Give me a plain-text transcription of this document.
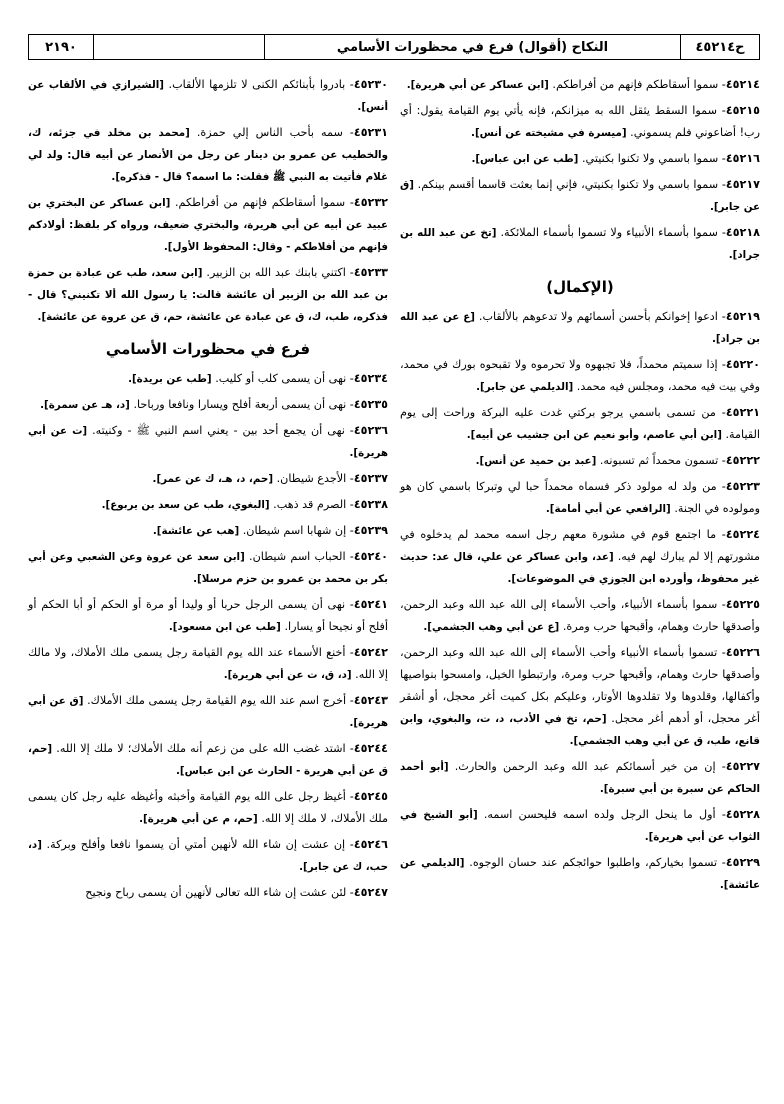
ح٤٥٢١٤
النكاح (أقوال) فرع في محظورات الأسامي
٢١٩٠
٤٥٢١٤- سموا أسقاطكم فإنهم من أفراطكم. [ابن عساكر عن أبي هريرة].
٤٥٢١٥- سموا السقط يثقل الله به ميزانكم، فإنه يأتي يوم القيامة يقول: أي رب! أضاعوني فلم يسموني. [ميسرة في مشيخته عن أنس].
٤٥٢١٦- سموا باسمي ولا تكنوا بكنيتي. [طب عن ابن عباس].
٤٥٢١٧- سموا باسمي ولا تكنوا بكنيتي، فإني إنما بعثت قاسما أقسم بينكم. [ق عن جابر].
٤٥٢١٨- سموا بأسماء الأنبياء ولا تسموا بأسماء الملائكة. [تخ عن عبد الله بن جراد].
(الإكمال)
٤٥٢١٩- ادعوا إخوانكم بأحسن أسمائهم ولا تدعوهم بالألقاب. [ع عن عبد الله بن جراد].
٤٥٢٢٠- إذا سميتم محمداً، فلا تجبهوه ولا تحرموه ولا تقبحوه بورك في محمد، وفي بيت فيه محمد، ومجلس فيه محمد. [الديلمي عن جابر].
٤٥٢٢١- من تسمى باسمي يرجو بركتي غدت عليه البركة وراحت إلى يوم القيامة. [ابن أبي عاصم، وأبو نعيم عن ابن جشيب عن أبيه].
٤٥٢٢٢- تسمون محمداً ثم تسبونه. [عبد بن حميد عن أنس].
٤٥٢٢٣- من ولد له مولود ذكر فسماه محمداً حبا لي وتبركا باسمي كان هو ومولوده في الجنة. [الرافعي عن أبي أمامة].
٤٥٢٢٤- ما اجتمع قوم في مشورة معهم رجل اسمه محمد لم يدخلوه في مشورتهم إلا لم يبارك لهم فيه. [عد، وابن عساكر عن علي، قال عد: حديث غير محفوظ، وأورده ابن الجوزي في الموضوعات].
٤٥٢٢٥- سموا بأسماء الأنبياء، وأحب الأسماء إلى الله عبد الله وعبد الرحمن، وأصدقها حارث وهمام، وأقبحها حرب ومرة. [ع عن أبي وهب الجشمي].
٤٥٢٢٦- تسموا بأسماء الأنبياء وأحب الأسماء إلى الله عبد الله وعبد الرحمن، وأصدقها حارث وهمام، وأقبحها حرب ومرة، وارتبطوا الخيل، وامسحوا بنواصيها وأكفالها، وقلدوها ولا تقلدوها الأوتار، وعليكم بكل كميت أغر محجل، أو أشقر أغر محجل، أو أدهم أغر محجل. [حم، تخ في الأدب، د، ت، والبغوي، وابن قانع، طب، ق عن أبي وهب الجشمي].
٤٥٢٢٧- إن من خير أسمائكم عبد الله وعبد الرحمن والحارث. [أبو أحمد الحاكم عن سبرة بن أبي سبرة].
٤٥٢٢٨- أول ما ينحل الرجل ولده اسمه فليحسن اسمه. [أبو الشيخ في الثواب عن أبي هريرة].
٤٥٢٢٩- تسموا بخياركم، واطلبوا حوائجكم عند حسان الوجوه. [الديلمي عن عائشة].
٤٥٢٣٠- بادروا بأبنائكم الكنى لا تلزمها الألقاب. [الشيرازي في الألقاب عن أنس].
٤٥٢٣١- سمه بأحب الناس إلي حمزة. [محمد بن مخلد في جزئه، ك، والخطيب عن عمرو بن دينار عن رجل من الأنصار عن أبيه قال: ولد لي غلام فأتيت به النبي ﷺ فقلت: ما اسمه؟ قال - فذكره].
٤٥٢٣٢- سموا أسقاطكم فإنهم من أفراطكم. [ابن عساكر عن البختري بن عبيد عن أبيه عن أبي هريرة، والبختري ضعيف، ورواه كر بلفظ: أولادكم فإنهم من أفلاطكم - وقال: المحفوظ الأول].
٤٥٢٣٣- اكتني بابنك عبد الله بن الزبير. [ابن سعد، طب عن عبادة بن حمزة بن عبد الله بن الزبير أن عائشة قالت: يا رسول الله ألا تكنيني؟ قال - فذكره، طب، ك، ق عن عبادة عن عائشة، حم، ق عن عروة عن عائشة].
فرع في محظورات الأسامي
٤٥٢٣٤- نهى أن يسمى كلب أو كليب. [طب عن بريدة].
٤٥٢٣٥- نهى أن يسمى أربعة أفلح ويسارا ونافعا ورباحا. [د، هـ عن سمرة].
٤٥٢٣٦- نهى أن يجمع أحد بين - يعني اسم النبي ﷺ - وكنيته. [ت عن أبي هريرة].
٤٥٢٣٧- الأجدع شيطان. [حم، د، هـ، ك عن عمر].
٤٥٢٣٨- الصرم قد ذهب. [البغوي، طب عن سعد بن يربوع].
٤٥٢٣٩- إن شهابا اسم شيطان. [هب عن عائشة].
٤٥٢٤٠- الحباب اسم شيطان. [ابن سعد عن عروة وعن الشعبي وعن أبي بكر بن محمد بن عمرو بن حزم مرسلا].
٤٥٢٤١- نهى أن يسمى الرجل حربا أو وليدا أو مرة أو الحكم أو أبا الحكم أو أفلح أو نجيحا أو يسارا. [طب عن ابن مسعود].
٤٥٢٤٢- أخنع الأسماء عند الله يوم القيامة رجل يسمى ملك الأملاك، ولا مالك إلا الله. [د، ق، ت عن أبي هريرة].
٤٥٢٤٣- أخرج اسم عند الله يوم القيامة رجل يسمى ملك الأملاك. [ق عن أبي هريرة].
٤٥٢٤٤- اشتد غضب الله على من زعم أنه ملك الأملاك؛ لا ملك إلا الله. [حم، ق عن أبي هريرة - الحارث عن ابن عباس].
٤٥٢٤٥- أغيظ رجل على الله يوم القيامة وأخبثه وأغيظه عليه رجل كان يسمى ملك الأملاك، لا ملك إلا الله. [حم، م عن أبي هريرة].
٤٥٢٤٦- إن عشت إن شاء الله لأنهين أمتي أن يسموا نافعا وأفلح وبركة. [د، حب، ك عن جابر].
٤٥٢٤٧- لئن عشت إن شاء الله تعالى لأنهين أن يسمى رباح ونجيح
